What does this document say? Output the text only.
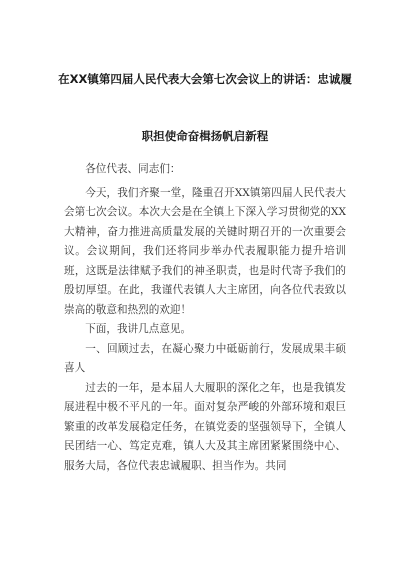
在XX镇第四届人民代表大会第七次会议上的讲话：忠诚履
职担使命奋楫扬帆启新程

各位代表、同志们：

今天，我们齐聚一堂，隆重召开XX镇第四届人民代表大会第七次会议。本次大会是在全镇上下深入学习贯彻党的XX大精神，奋力推进高质量发展的关键时期召开的一次重要会议。会议期间，我们还将同步举办代表履职能力提升培训班，这既是法律赋予我们的神圣职责，也是时代寄予我们的殷切厚望。在此，我谨代表镇人大主席团，向各位代表致以崇高的敬意和热烈的欢迎！

下面，我讲几点意见。

一、回顾过去，在凝心聚力中砥砺前行，发展成果丰硕喜人

过去的一年，是本届人大履职的深化之年，也是我镇发展进程中极不平凡的一年。面对复杂严峻的外部环境和艰巨繁重的改革发展稳定任务，在镇党委的坚强领导下，全镇人民团结一心、笃定克难，镇人大及其主席团紧紧围绕中心、服务大局，各位代表忠诚履职、担当作为。共同
